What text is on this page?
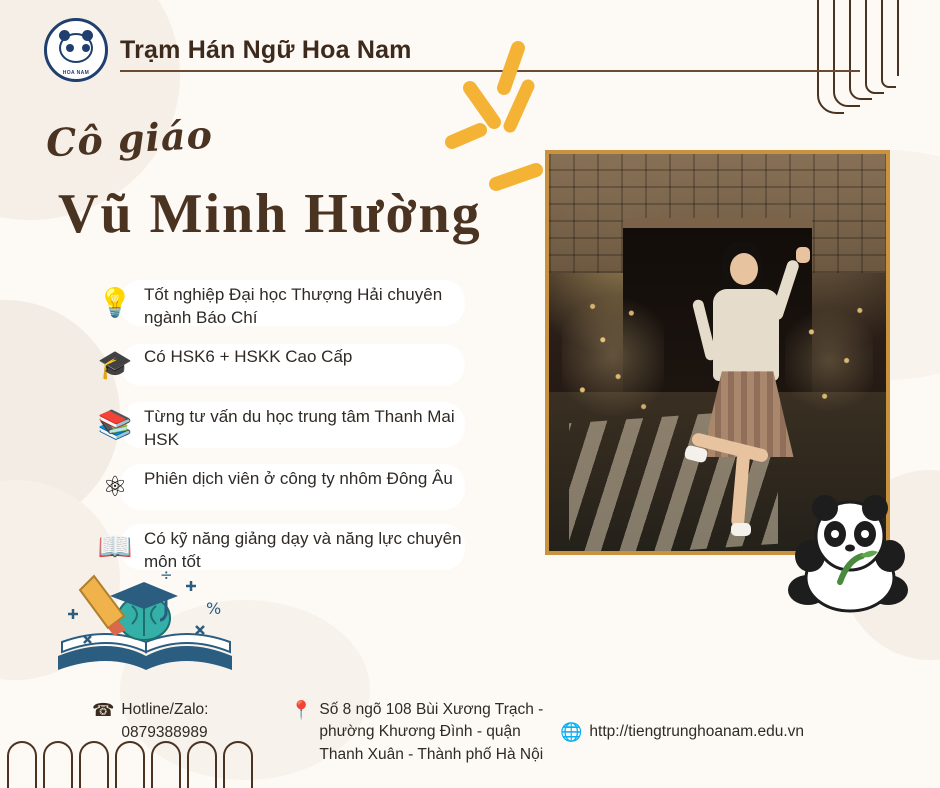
HOA NAM
Trạm Hán Ngữ Hoa Nam
Cô giáo
Vũ Minh Hường
💡 Tốt nghiệp Đại học Thượng Hải chuyên ngành Báo Chí
🎓 Có HSK6 + HSKK Cao Cấp
📚 Từng tư vấn du học trung tâm Thanh Mai HSK
⚛ Phiên dịch viên ở công ty nhôm Đông Âu
📖 Có kỹ năng giảng dạy và năng lực chuyên môn tốt
%
÷
☎ Hotline/Zalo: 0879388989
📍 Số 8 ngõ 108 Bùi Xương Trạch - phường Khương Đình - quận Thanh Xuân - Thành phố Hà Nội
🌐 http://tiengtrunghoanam.edu.vn
